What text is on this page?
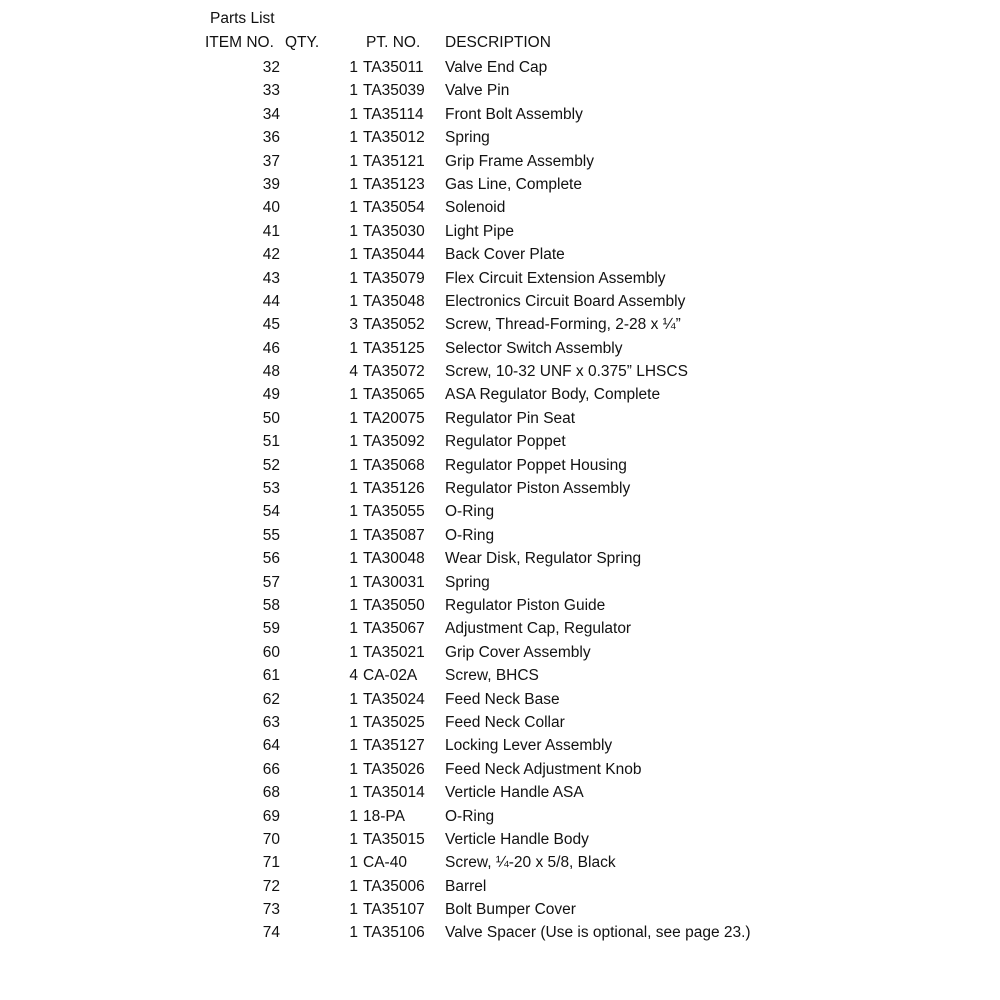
Parts List
ITEM NO. QTY.	PT. NO. DESCRIPTION
32	1 TA35011 Valve End Cap
33	1 TA35039 Valve Pin
34	1 TA35114 Front Bolt Assembly
36	1 TA35012 Spring
37	1 TA35121 Grip Frame Assembly
39	1 TA35123 Gas Line, Complete
40	1 TA35054 Solenoid
41	1 TA35030 Light Pipe
42	1 TA35044 Back Cover Plate
43	1 TA35079 Flex Circuit Extension Assembly
44	1 TA35048 Electronics Circuit Board Assembly
45	3 TA35052 Screw, Thread-Forming, 2-28 x ¼”
46	1 TA35125 Selector Switch Assembly
48	4 TA35072 Screw, 10-32 UNF x 0.375” LHSCS
49	1 TA35065 ASA Regulator Body, Complete
50	1 TA20075 Regulator Pin Seat
51	1 TA35092 Regulator Poppet
52	1 TA35068 Regulator Poppet Housing
53	1 TA35126 Regulator Piston Assembly
54	1 TA35055 O-Ring
55	1 TA35087 O-Ring
56	1 TA30048 Wear Disk, Regulator Spring
57	1 TA30031 Spring
58	1 TA35050 Regulator Piston Guide
59	1 TA35067 Adjustment Cap, Regulator
60	1 TA35021 Grip Cover Assembly
61	4 CA-02A Screw, BHCS
62	1 TA35024 Feed Neck Base
63	1 TA35025 Feed Neck Collar
64	1 TA35127 Locking Lever Assembly
66	1 TA35026 Feed Neck Adjustment Knob
68	1 TA35014 Verticle Handle ASA
69	1 18-PA	O-Ring
70	1 TA35015 Verticle Handle Body
71	1 CA-40 Screw, ¼-20 x 5/8, Black
72	1 TA35006 Barrel
73	1 TA35107 Bolt Bumper Cover
74	1 TA35106 Valve Spacer (Use is optional, see page 23.)
